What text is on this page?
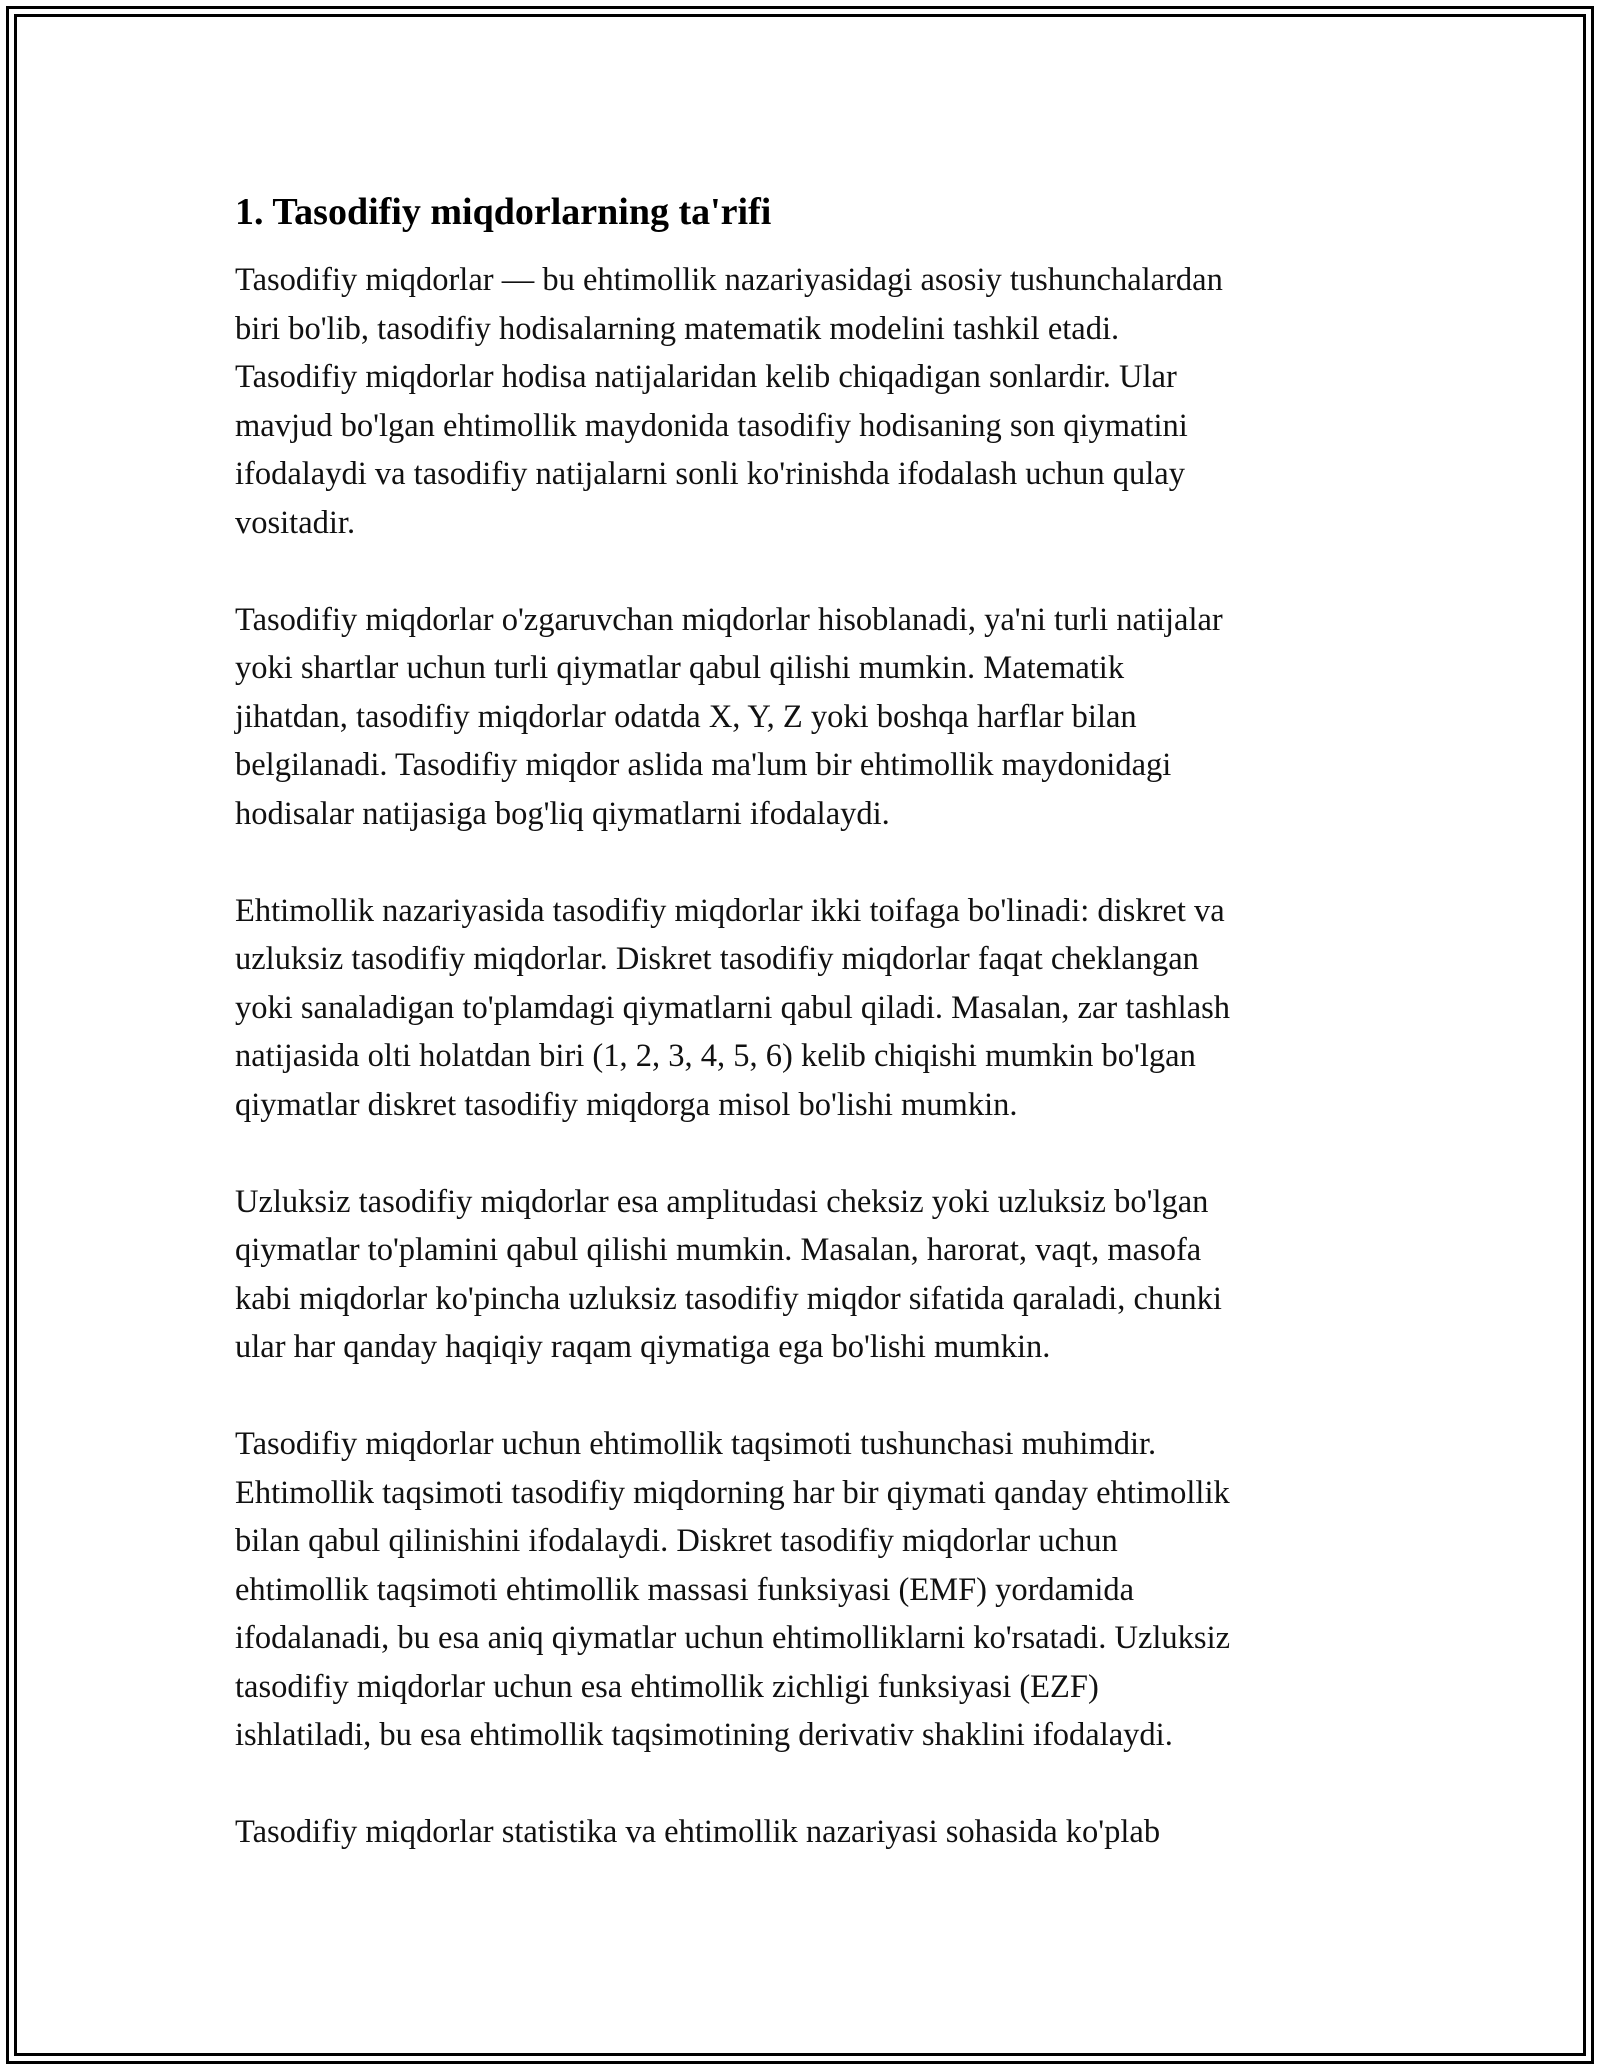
1. Tasodifiy miqdorlarning ta'rifi
Tasodifiy miqdorlar — bu ehtimollik nazariyasidagi asosiy tushunchalardan
biri bo'lib, tasodifiy hodisalarning matematik modelini tashkil etadi.
Tasodifiy miqdorlar hodisa natijalaridan kelib chiqadigan sonlardir. Ular
mavjud bo'lgan ehtimollik maydonida tasodifiy hodisaning son qiymatini
ifodalaydi va tasodifiy natijalarni sonli ko'rinishda ifodalash uchun qulay
vositadir.
Tasodifiy miqdorlar o'zgaruvchan miqdorlar hisoblanadi, ya'ni turli natijalar
yoki shartlar uchun turli qiymatlar qabul qilishi mumkin. Matematik
jihatdan, tasodifiy miqdorlar odatda X, Y, Z yoki boshqa harflar bilan
belgilanadi. Tasodifiy miqdor aslida ma'lum bir ehtimollik maydonidagi
hodisalar natijasiga bog'liq qiymatlarni ifodalaydi.
Ehtimollik nazariyasida tasodifiy miqdorlar ikki toifaga bo'linadi: diskret va
uzluksiz tasodifiy miqdorlar. Diskret tasodifiy miqdorlar faqat cheklangan
yoki sanaladigan to'plamdagi qiymatlarni qabul qiladi. Masalan, zar tashlash
natijasida olti holatdan biri (1, 2, 3, 4, 5, 6) kelib chiqishi mumkin bo'lgan
qiymatlar diskret tasodifiy miqdorga misol bo'lishi mumkin.
Uzluksiz tasodifiy miqdorlar esa amplitudasi cheksiz yoki uzluksiz bo'lgan
qiymatlar to'plamini qabul qilishi mumkin. Masalan, harorat, vaqt, masofa
kabi miqdorlar ko'pincha uzluksiz tasodifiy miqdor sifatida qaraladi, chunki
ular har qanday haqiqiy raqam qiymatiga ega bo'lishi mumkin.
Tasodifiy miqdorlar uchun ehtimollik taqsimoti tushunchasi muhimdir.
Ehtimollik taqsimoti tasodifiy miqdorning har bir qiymati qanday ehtimollik
bilan qabul qilinishini ifodalaydi. Diskret tasodifiy miqdorlar uchun
ehtimollik taqsimoti ehtimollik massasi funksiyasi (EMF) yordamida
ifodalanadi, bu esa aniq qiymatlar uchun ehtimolliklarni ko'rsatadi. Uzluksiz
tasodifiy miqdorlar uchun esa ehtimollik zichligi funksiyasi (EZF)
ishlatiladi, bu esa ehtimollik taqsimotining derivativ shaklini ifodalaydi.
Tasodifiy miqdorlar statistika va ehtimollik nazariyasi sohasida ko'plab
